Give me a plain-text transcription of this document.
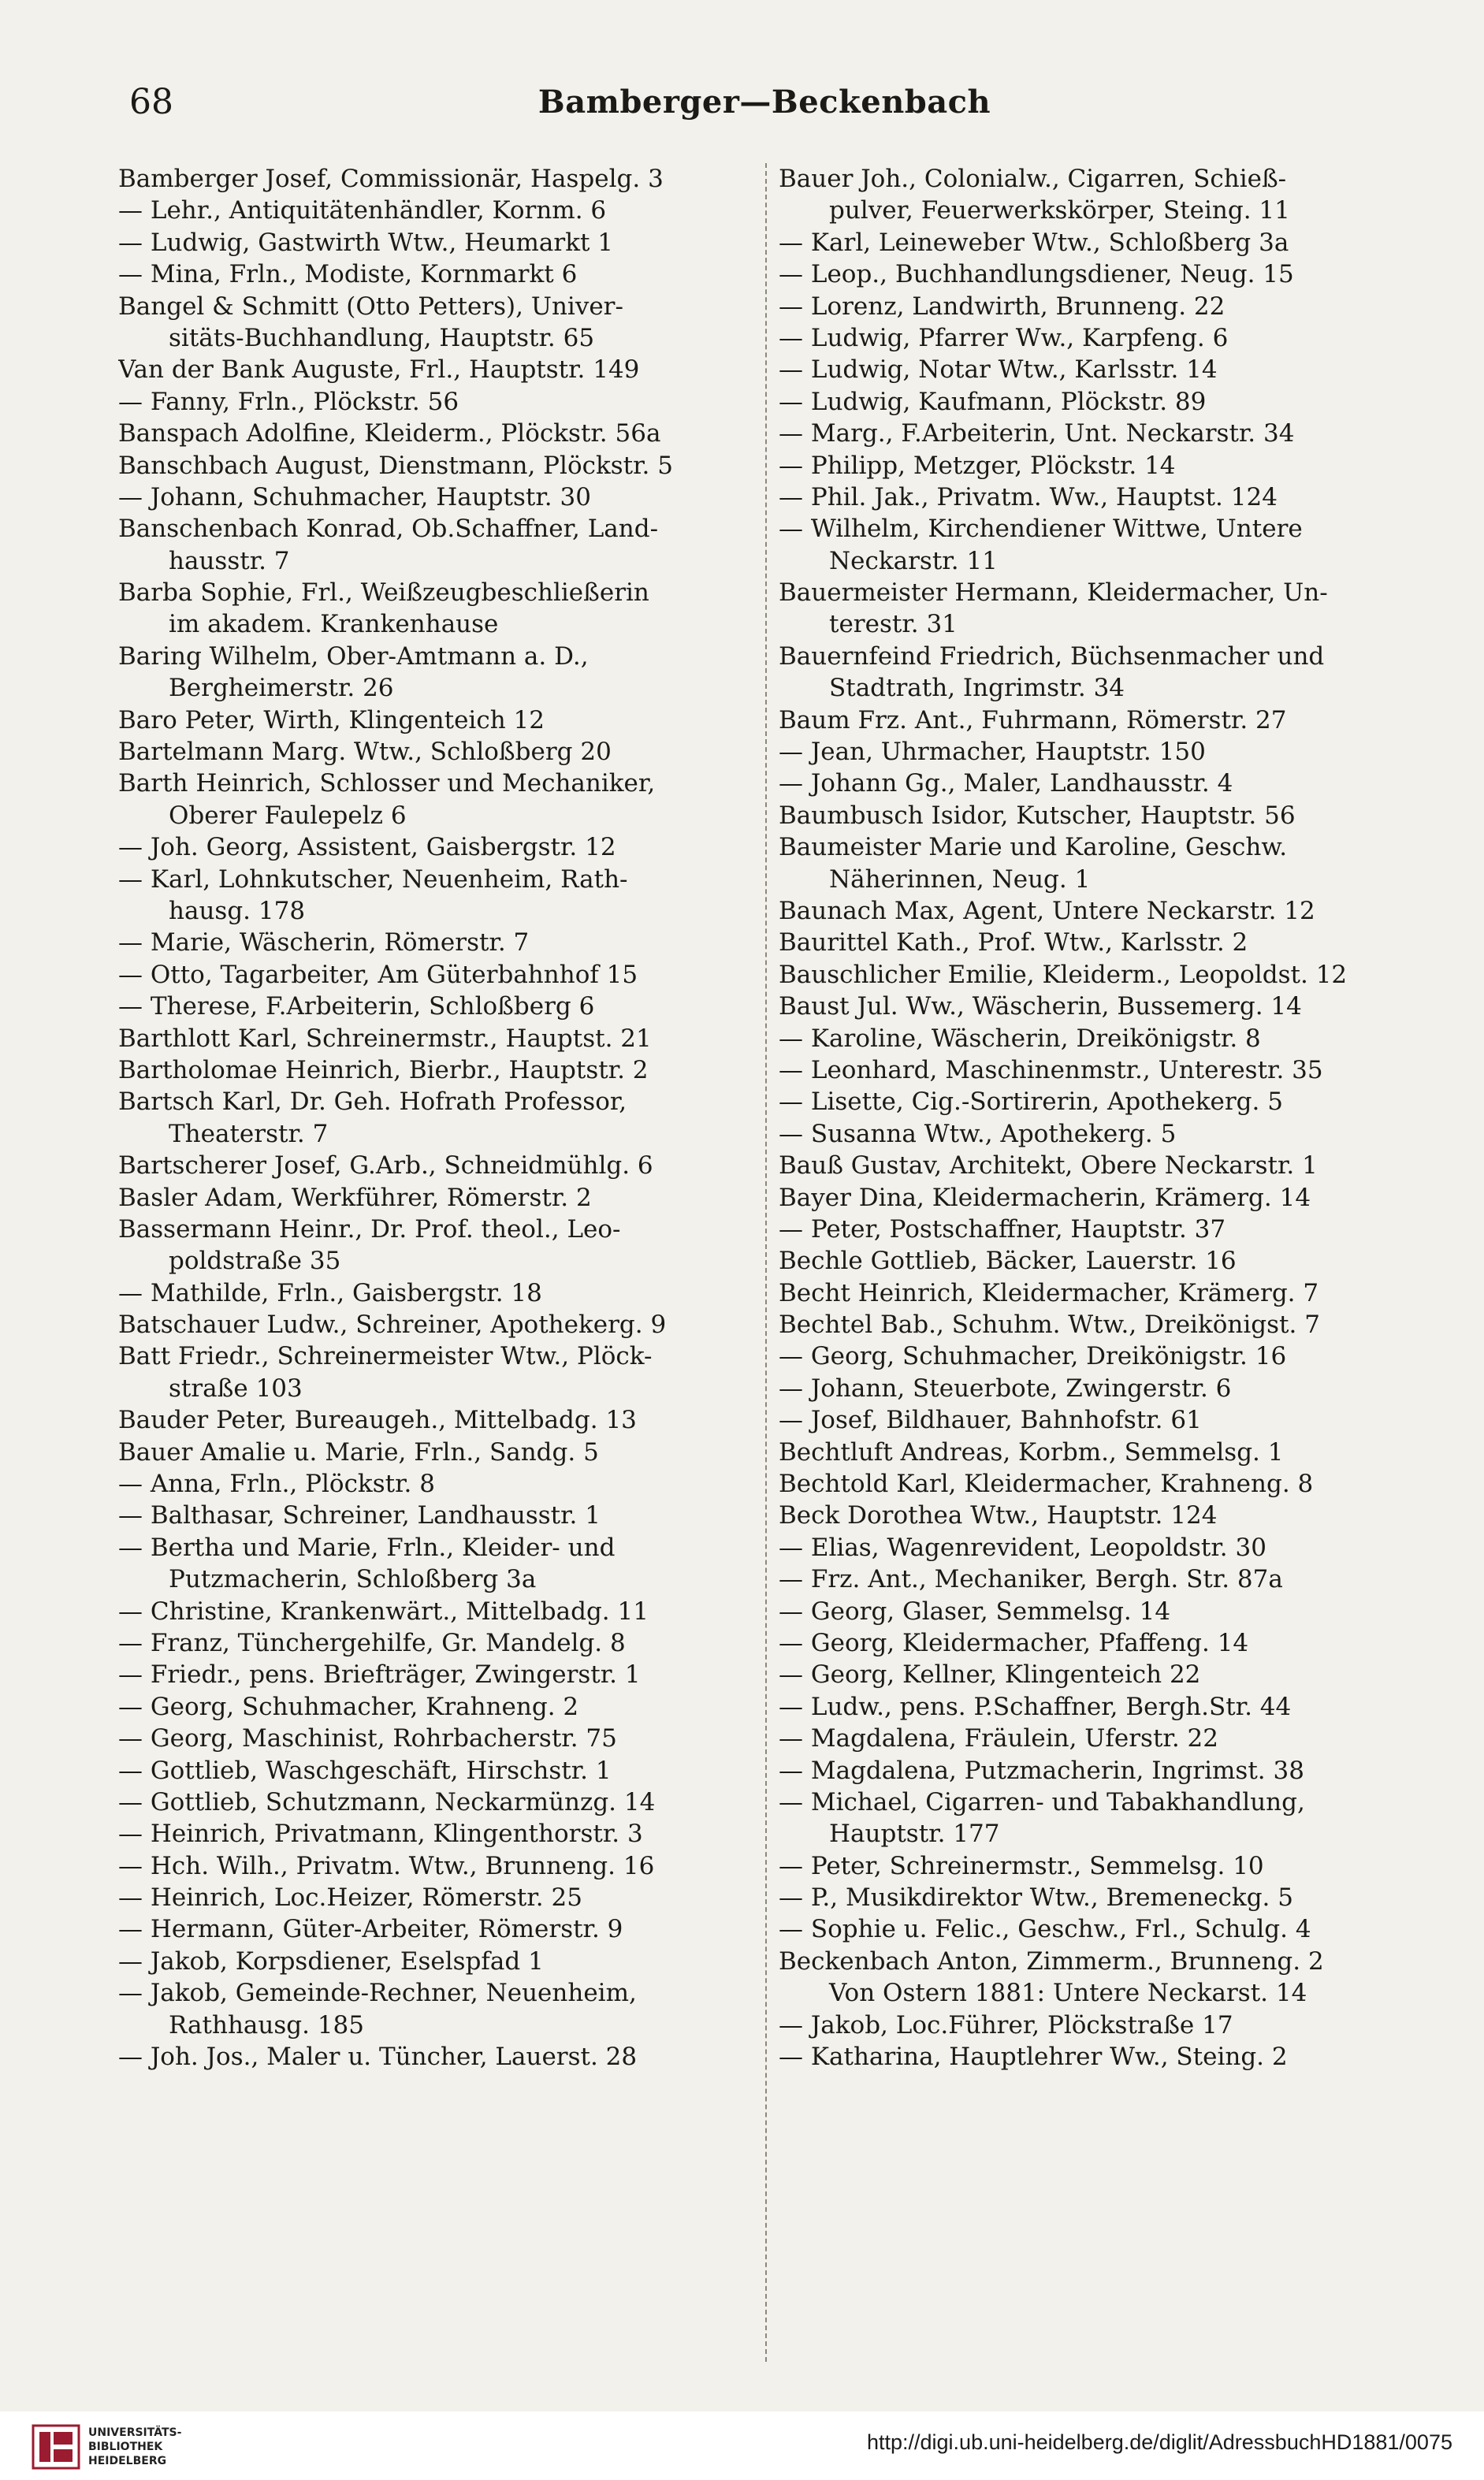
68	Bamberger—Beckenbach
Bamberger Josef, Commissionär, Haspelg. 3
— Lehr., Antiquitätenhändler, Kornm. 6
— Ludwig, Gastwirth Wtw., Heumarkt 1
— Mina, Frln., Modiste, Kornmarkt 6
Bangel & Schmitt (Otto Petters), Univer-
sitäts-Buchhandlung, Hauptstr. 65
Van der Bank Auguste, Frl., Hauptstr. 149
— Fanny, Frln., Plöckstr. 56
Banspach Adolfine, Kleiderm., Plöckstr. 56a
Banschbach August, Dienstmann, Plöckstr. 5
— Johann, Schuhmacher, Hauptstr. 30
Banschenbach Konrad, Ob.Schaffner, Land-
hausstr. 7
Barba Sophie, Frl., Weißzeugbeschließerin
im akadem. Krankenhause
Baring Wilhelm, Ober-Amtmann a. D.,
Bergheimerstr. 26
Baro Peter, Wirth, Klingenteich 12
Bartelmann Marg. Wtw., Schloßberg 20
Barth Heinrich, Schlosser und Mechaniker,
Oberer Faulepelz 6
— Joh. Georg, Assistent, Gaisbergstr. 12
— Karl, Lohnkutscher, Neuenheim, Rath-
hausg. 178
— Marie, Wäscherin, Römerstr. 7
— Otto, Tagarbeiter, Am Güterbahnhof 15
— Therese, F.Arbeiterin, Schloßberg 6
Barthlott Karl, Schreinermstr., Hauptst. 21
Bartholomae Heinrich, Bierbr., Hauptstr. 2
Bartsch Karl, Dr. Geh. Hofrath Professor,
Theaterstr. 7
Bartscherer Josef, G.Arb., Schneidmühlg. 6
Basler Adam, Werkführer, Römerstr. 2
Bassermann Heinr., Dr. Prof. theol., Leo-
poldstraße 35
— Mathilde, Frln., Gaisbergstr. 18
Batschauer Ludw., Schreiner, Apothekerg. 9
Batt Friedr., Schreinermeister Wtw., Plöck-
straße 103
Bauder Peter, Bureaugeh., Mittelbadg. 13
Bauer Amalie u. Marie, Frln., Sandg. 5
— Anna, Frln., Plöckstr. 8
— Balthasar, Schreiner, Landhausstr. 1
— Bertha und Marie, Frln., Kleider- und
Putzmacherin, Schloßberg 3a
— Christine, Krankenwärt., Mittelbadg. 11
— Franz, Tünchergehilfe, Gr. Mandelg. 8
— Friedr., pens. Briefträger, Zwingerstr. 1
— Georg, Schuhmacher, Krahneng. 2
— Georg, Maschinist, Rohrbacherstr. 75
— Gottlieb, Waschgeschäft, Hirschstr. 1
— Gottlieb, Schutzmann, Neckarmünzg. 14
— Heinrich, Privatmann, Klingenthorstr. 3
— Hch. Wilh., Privatm. Wtw., Brunneng. 16
— Heinrich, Loc.Heizer, Römerstr. 25
— Hermann, Güter-Arbeiter, Römerstr. 9
— Jakob, Korpsdiener, Eselspfad 1
— Jakob, Gemeinde-Rechner, Neuenheim,
Rathhausg. 185
— Joh. Jos., Maler u. Tüncher, Lauerst. 28
Bauer Joh., Colonialw., Cigarren, Schieß-
pulver, Feuerwerkskörper, Steing. 11
— Karl, Leineweber Wtw., Schloßberg 3a
— Leop., Buchhandlungsdiener, Neug. 15
— Lorenz, Landwirth, Brunneng. 22
— Ludwig, Pfarrer Ww., Karpfeng. 6
— Ludwig, Notar Wtw., Karlsstr. 14
— Ludwig, Kaufmann, Plöckstr. 89
— Marg., F.Arbeiterin, Unt. Neckarstr. 34
— Philipp, Metzger, Plöckstr. 14
— Phil. Jak., Privatm. Ww., Hauptst. 124
— Wilhelm, Kirchendiener Wittwe, Untere
Neckarstr. 11
Bauermeister Hermann, Kleidermacher, Un-
terestr. 31
Bauernfeind Friedrich, Büchsenmacher und
Stadtrath, Ingrimstr. 34
Baum Frz. Ant., Fuhrmann, Römerstr. 27
— Jean, Uhrmacher, Hauptstr. 150
— Johann Gg., Maler, Landhausstr. 4
Baumbusch Isidor, Kutscher, Hauptstr. 56
Baumeister Marie und Karoline, Geschw.
Näherinnen, Neug. 1
Baunach Max, Agent, Untere Neckarstr. 12
Baurittel Kath., Prof. Wtw., Karlsstr. 2
Bauschlicher Emilie, Kleiderm., Leopoldst. 12
Baust Jul. Ww., Wäscherin, Bussemerg. 14
— Karoline, Wäscherin, Dreikönigstr. 8
— Leonhard, Maschinenmstr., Unterestr. 35
— Lisette, Cig.-Sortirerin, Apothekerg. 5
— Susanna Wtw., Apothekerg. 5
Bauß Gustav, Architekt, Obere Neckarstr. 1
Bayer Dina, Kleidermacherin, Krämerg. 14
— Peter, Postschaffner, Hauptstr. 37
Bechle Gottlieb, Bäcker, Lauerstr. 16
Becht Heinrich, Kleidermacher, Krämerg. 7
Bechtel Bab., Schuhm. Wtw., Dreikönigst. 7
— Georg, Schuhmacher, Dreikönigstr. 16
— Johann, Steuerbote, Zwingerstr. 6
— Josef, Bildhauer, Bahnhofstr. 61
Bechtluft Andreas, Korbm., Semmelsg. 1
Bechtold Karl, Kleidermacher, Krahneng. 8
Beck Dorothea Wtw., Hauptstr. 124
— Elias, Wagenrevident, Leopoldstr. 30
— Frz. Ant., Mechaniker, Bergh. Str. 87a
— Georg, Glaser, Semmelsg. 14
— Georg, Kleidermacher, Pfaffeng. 14
— Georg, Kellner, Klingenteich 22
— Ludw., pens. P.Schaffner, Bergh.Str. 44
— Magdalena, Fräulein, Uferstr. 22
— Magdalena, Putzmacherin, Ingrimst. 38
— Michael, Cigarren- und Tabakhandlung,
Hauptstr. 177
— Peter, Schreinermstr., Semmelsg. 10
— P., Musikdirektor Wtw., Bremeneckg. 5
— Sophie u. Felic., Geschw., Frl., Schulg. 4
Beckenbach Anton, Zimmerm., Brunneng. 2
Von Ostern 1881: Untere Neckarst. 14
— Jakob, Loc.Führer, Plöckstraße 17
— Katharina, Hauptlehrer Ww., Steing. 2
UNIVERSITÄTS-
BIBLIOTHEK
HEIDELBERG
http://digi.ub.uni-heidelberg.de/diglit/AdressbuchHD1881/0075
